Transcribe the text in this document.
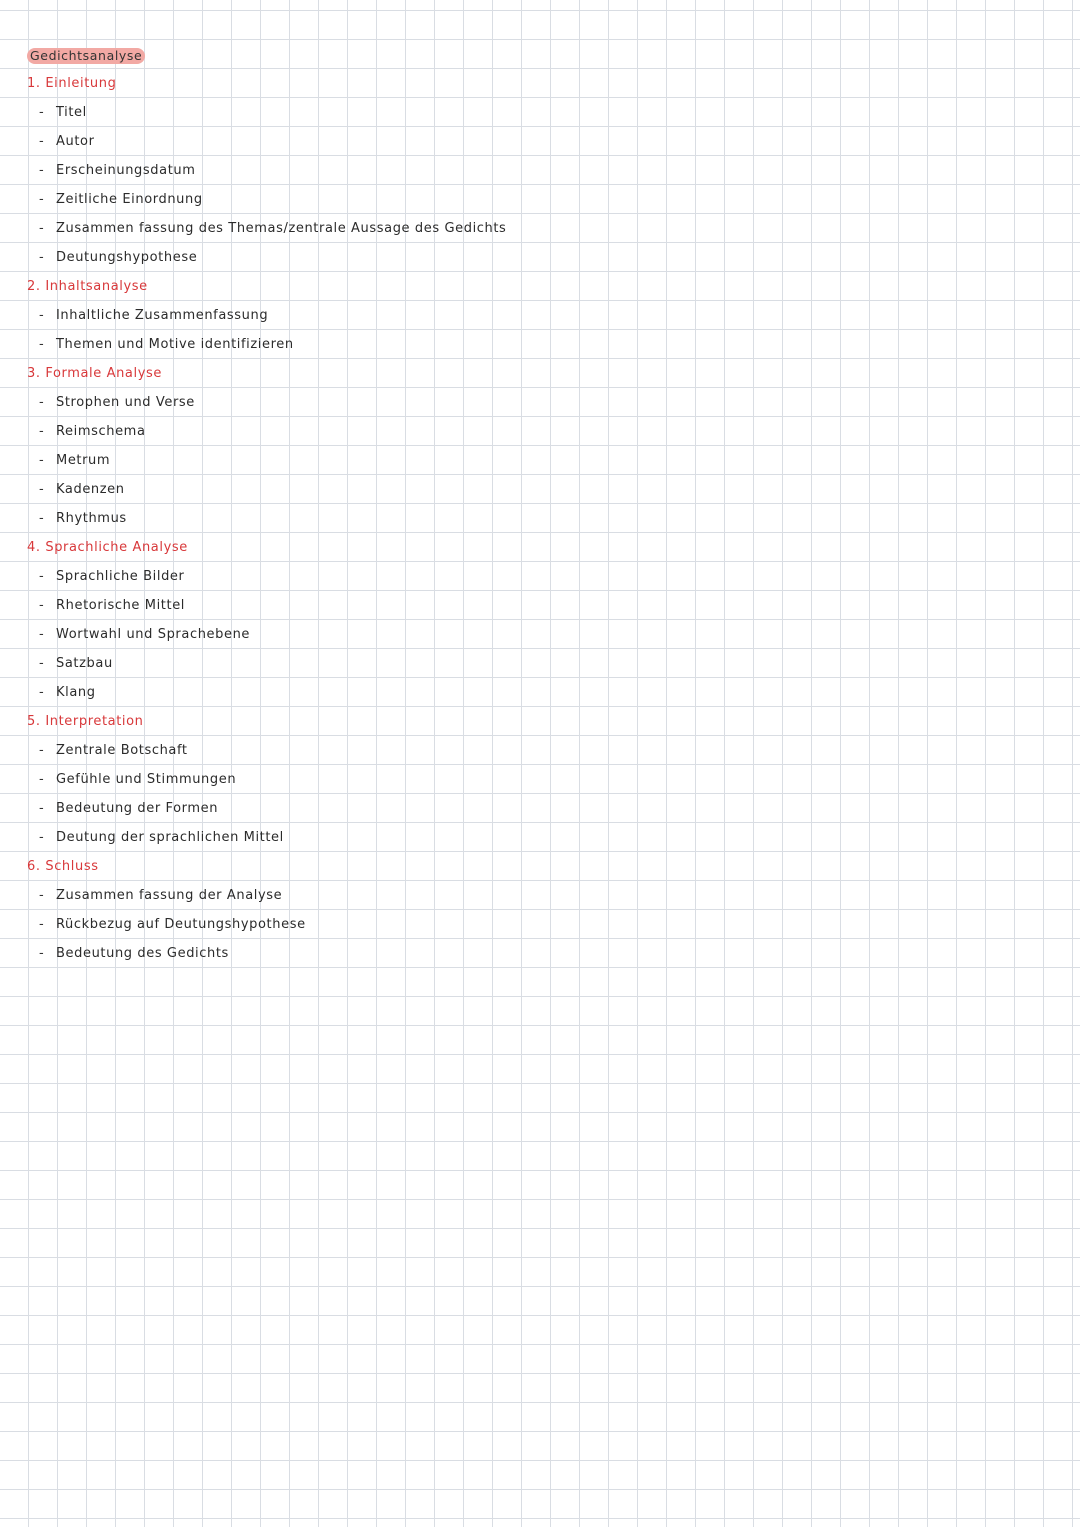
Gedichtsanalyse
1. Einleitung
- Titel
- Autor
- Erscheinungsdatum
- Zeitliche Einordnung
- Zusammen fassung des Themas/zentrale Aussage des Gedichts
- Deutungshypothese
2. Inhaltsanalyse
- Inhaltliche Zusammenfassung
- Themen und Motive identifizieren
3. Formale Analyse
- Strophen und Verse
- Reimschema
- Metrum
- Kadenzen
- Rhythmus
4. Sprachliche Analyse
- Sprachliche Bilder
- Rhetorische Mittel
- Wortwahl und Sprachebene
- Satzbau
- Klang
5. Interpretation
- Zentrale Botschaft
- Gefühle und Stimmungen
- Bedeutung der Formen
- Deutung der sprachlichen Mittel
6. Schluss
- Zusammen fassung der Analyse
- Rückbezug auf Deutungshypothese
- Bedeutung des Gedichts
